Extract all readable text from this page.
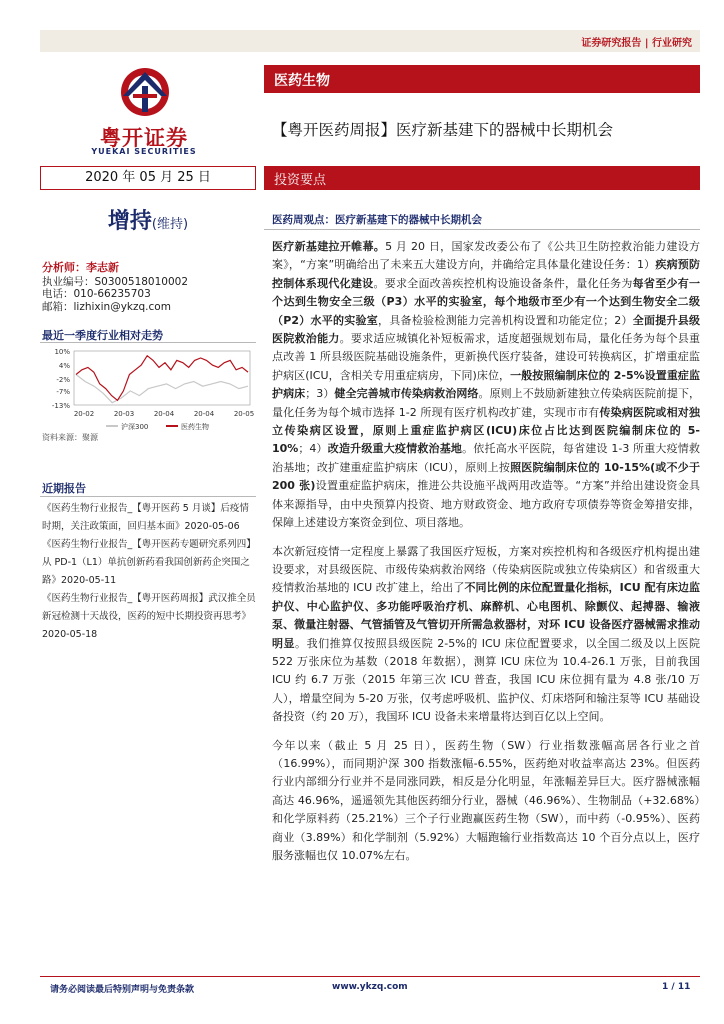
证券研究报告 | 行业研究
粤开证券
YUEKAI SECURITIES
医药生物
【粤开医药周报】医疗新基建下的器械中长期机会
2020 年 05 月 25 日	投资要点
增持(维持)
分析师：李志新
执业编号：S0300518010002
电话：010-66235703
邮箱：lizhixin@ykzq.com
最近一季度行业相对走势
10%
4%
-2%
-7%
-13%
20-02	20-03	20-04	20-04	20-05
沪深300	医药生物
资料来源：聚源
近期报告

《医药生物行业报告_【粤开医药 5 月谈】后疫情时期，关注政策面，回归基本面》2020-05-06

《医药生物行业报告_【粤开医药专题研究系列四】从 PD-1（L1）单抗创新药看我国创新药企突围之路》2020-05-11

《医药生物行业报告_【粤开医药周报】武汉推全员新冠检测十天战役，医药的短中长期投资再思考》2020-05-18

医药周观点：医疗新基建下的器械中长期机会

医疗新基建拉开帷幕。5 月 20 日，国家发改委公布了《公共卫生防控救治能力建设方案》，“方案”明确给出了未来五大建设方向，并确给定具体量化建设任务：1）疾病预防控制体系现代化建设。要求全面改善疾控机构设施设备条件，量化任务为每省至少有一个达到生物安全三级（P3）水平的实验室，每个地级市至少有一个达到生物安全二级（P2）水平的实验室，具备检验检测能力完善机构设置和功能定位；2）全面提升县级医院救治能力。要求适应城镇化补短板需求，适度超强规划布局，量化任务为每个县重点改善 1 所县级医院基础设施条件，更新换代医疗装备，建设可转换病区，扩增重症监护病区(ICU，含相关专用重症病房，下同)床位，一般按照编制床位的 2-5%设置重症监护病床；3）健全完善城市传染病救治网络。原则上不鼓励新建独立传染病医院前提下，量化任务为每个城市选择 1-2 所现有医疗机构改扩建，实现市市有传染病医院或相对独立传染病区设置，原则上重症监护病区(ICU)床位占比达到医院编制床位的 5-10%；4）改造升级重大疫情救治基地。依托高水平医院，每省建设 1-3 所重大疫情救治基地；改扩建重症监护病床（ICU），原则上按照医院编制床位的 10-15%(或不少于 200 张)设置重症监护病床，推进公共设施平战两用改造等。“方案”并给出建设资金具体来源指导，由中央预算内投资、地方财政资金、地方政府专项债券等资金筹措安排，保障上述建设方案资金到位、项目落地。

本次新冠疫情一定程度上暴露了我国医疗短板，方案对疾控机构和各级医疗机构提出建设要求，对县级医院、市级传染病救治网络（传染病医院或独立传染病区）和省级重大疫情救治基地的 ICU 改扩建上，给出了不同比例的床位配置量化指标，ICU 配有床边监护仪、中心监护仪、多功能呼吸治疗机、麻醉机、心电图机、除颤仪、起搏器、输液泵、微量注射器、气管插管及气管切开所需急救器材，对环 ICU 设备医疗器械需求推动明显。我们推算仅按照县级医院 2-5%的 ICU 床位配置要求，以全国二级及以上医院 522 万张床位为基数（2018 年数据），测算 ICU 床位为 10.4-26.1 万张，目前我国 ICU 约 6.7 万张（2015 年第三次 ICU 普查，我国 ICU 床位拥有量为 4.8 张/10 万人），增量空间为 5-20 万张，仅考虑呼吸机、监护仪、灯床塔阿和输注泵等 ICU 基础设备投资（约 20 万），我国环 ICU 设备未来增量将达到百亿以上空间。

今年以来（截止 5 月 25 日），医药生物（SW）行业指数涨幅高居各行业之首（16.99%），而同期沪深 300 指数涨幅-6.55%，医药绝对收益率高达 23%。但医药行业内部细分行业并不是同涨同跌，相反是分化明显，年涨幅差异巨大。医疗器械涨幅高达 46.96%，遥遥领先其他医药细分行业，器械（46.96%）、生物制品（+32.68%）和化学原料药（25.21%）三个子行业跑赢医药生物（SW），而中药（-0.95%）、医药商业（3.89%）和化学制剂（5.92%）大幅跑输行业指数高达 10 个百分点以上，医疗服务涨幅也仅 10.07%左右。

请务必阅读最后特别声明与免责条款	www.ykzq.com	1 / 11
